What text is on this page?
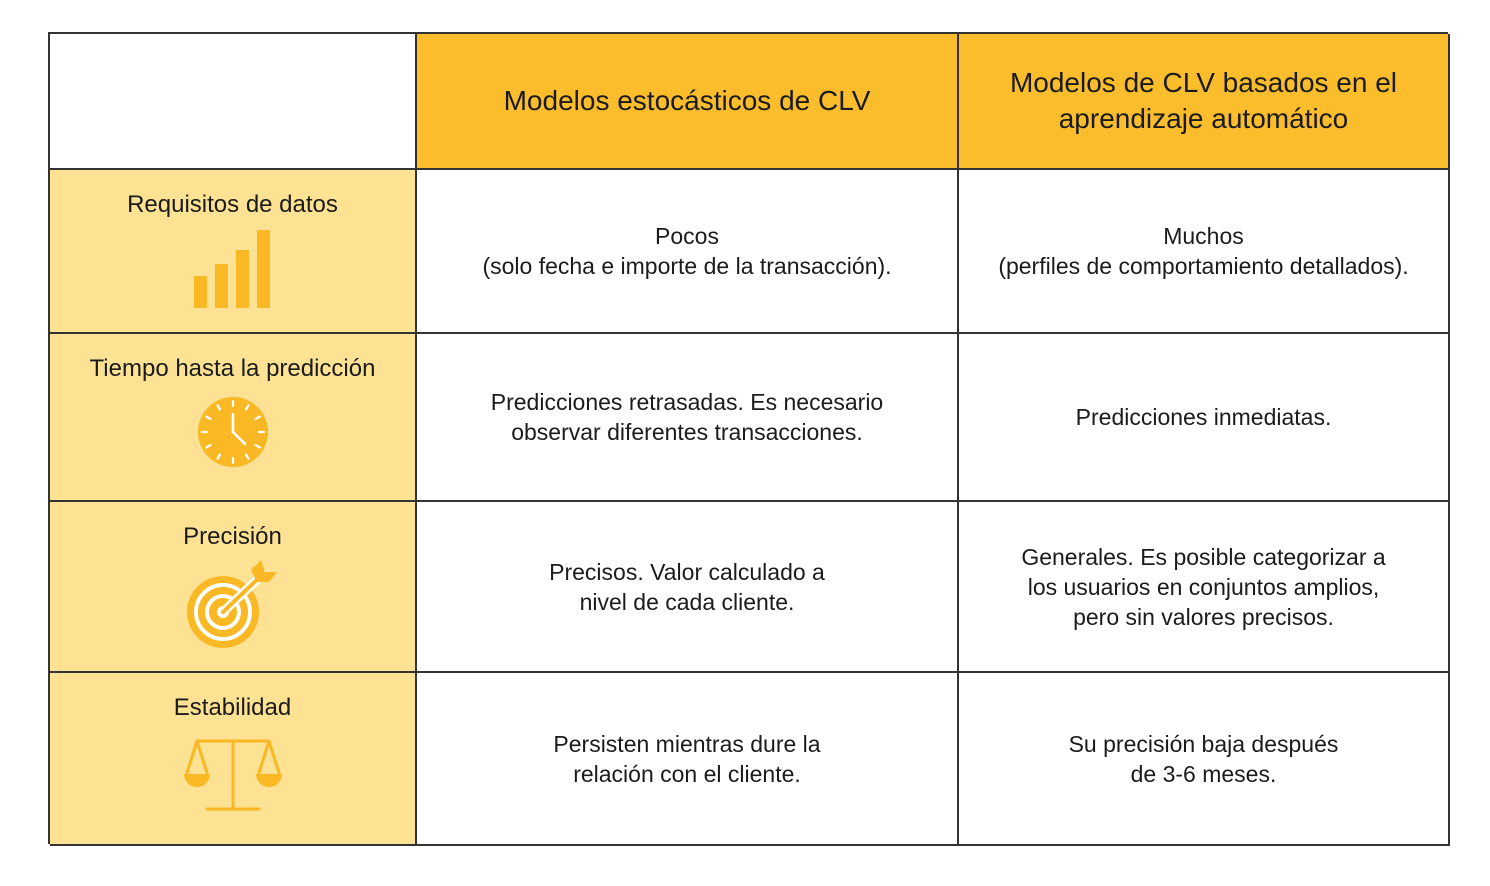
Modelos estocásticos de CLV
Modelos de CLV basados en el
aprendizaje automático
Requisitos de datos
Pocos
(solo fecha e importe de la transacción).
Muchos
(perfiles de comportamiento detallados).
Tiempo hasta la predicción
Predicciones retrasadas. Es necesario
observar diferentes transacciones.
Predicciones inmediatas.
Precisión
Precisos. Valor calculado a
nivel de cada cliente.
Generales. Es posible categorizar a
los usuarios en conjuntos amplios,
pero sin valores precisos.
Estabilidad
Persisten mientras dure la
relación con el cliente.
Su precisión baja después
de 3-6 meses.
